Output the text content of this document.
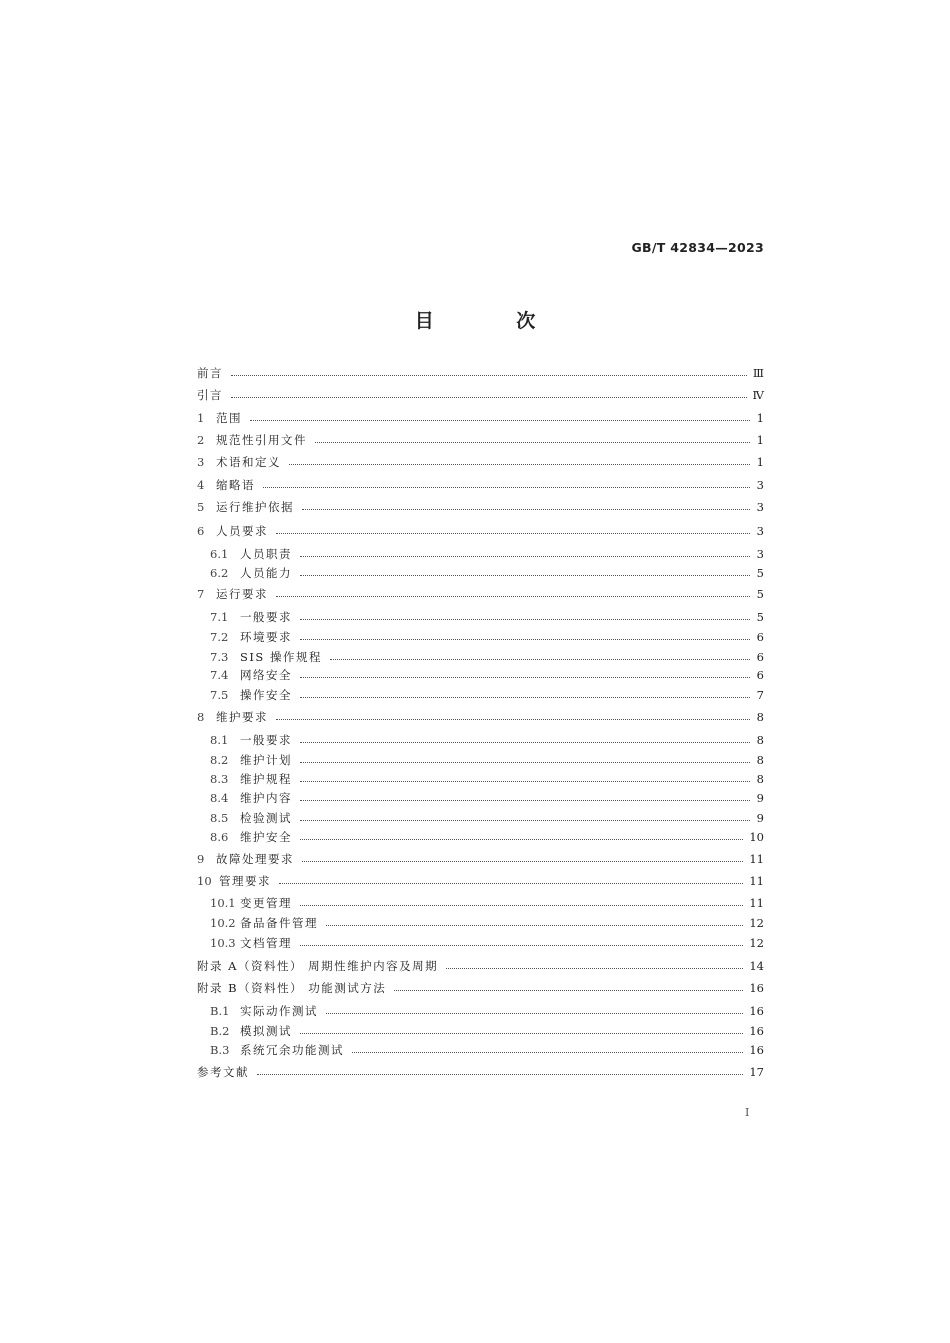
GB/T 42834—2023
目 次
前言	Ⅲ
引言	Ⅳ
1	范围	1
2	规范性引用文件	1
3	术语和定义	1
4	缩略语	3
5	运行维护依据	3
6	人员要求	3
6.1	人员职责	3
6.2	人员能力	5
7	运行要求	5
7.1	一般要求	5
7.2	环境要求	6
7.3	SIS 操作规程	6
7.4	网络安全	6
7.5	操作安全	7
8	维护要求	8
8.1	一般要求	8
8.2	维护计划	8
8.3	维护规程	8
8.4	维护内容	9
8.5	检验测试	9
8.6	维护安全	10
9	故障处理要求	11
10 管理要求	11
10.1 变更管理	11
10.2 备品备件管理	12
10.3 文档管理	12
附录 A（资料性） 周期性维护内容及周期	14
附录 B（资料性） 功能测试方法	16
B.1 实际动作测试	16
B.2 模拟测试	16
B.3 系统冗余功能测试	16
参考文献	17
Ⅰ
